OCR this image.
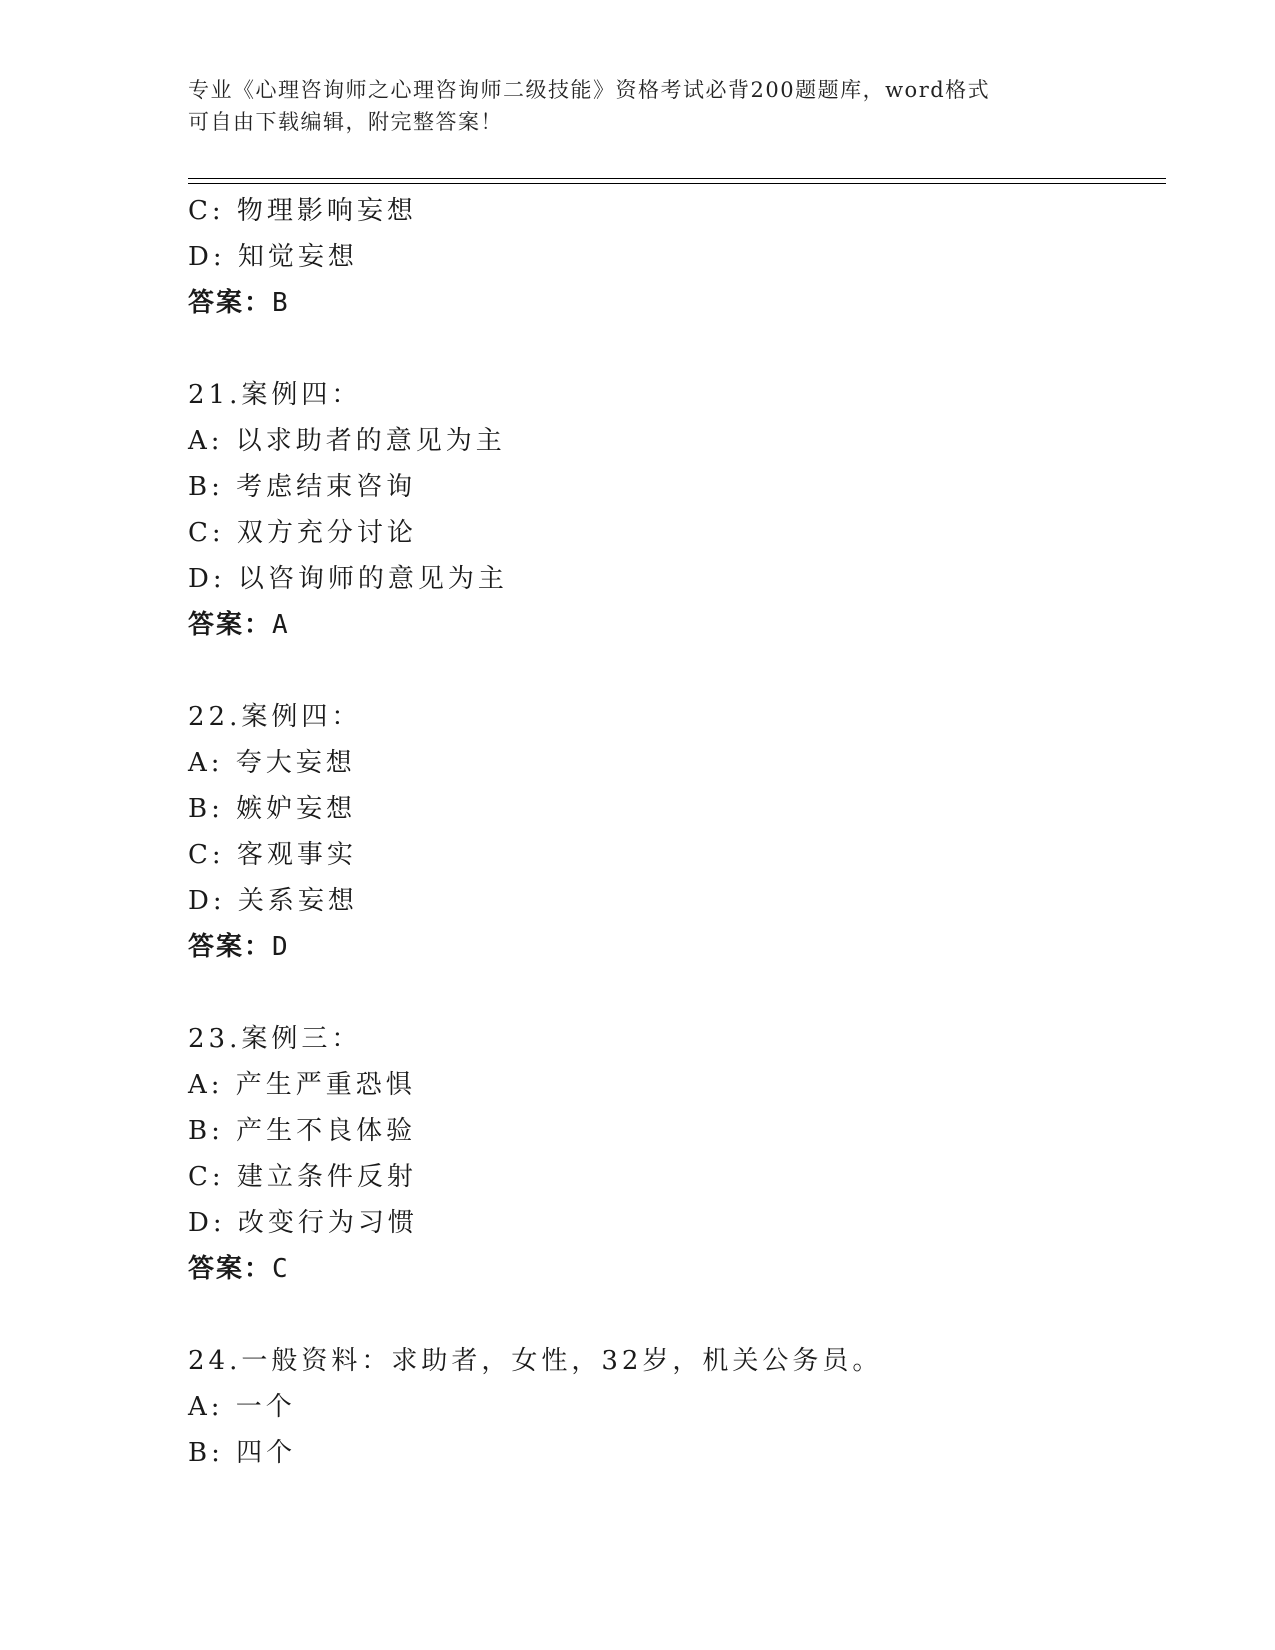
专业《心理咨询师之心理咨询师二级技能》资格考试必背200题题库，word格式
可自由下载编辑，附完整答案！
C: 物理影响妄想
D: 知觉妄想
答案：B
21.案例四：
A: 以求助者的意见为主
B: 考虑结束咨询
C: 双方充分讨论
D: 以咨询师的意见为主
答案：A
22.案例四：
A: 夸大妄想
B: 嫉妒妄想
C: 客观事实
D: 关系妄想
答案：D
23.案例三：
A: 产生严重恐惧
B: 产生不良体验
C: 建立条件反射
D: 改变行为习惯
答案：C
24.一般资料：求助者，女性，32岁，机关公务员。
A: 一个
B: 四个
